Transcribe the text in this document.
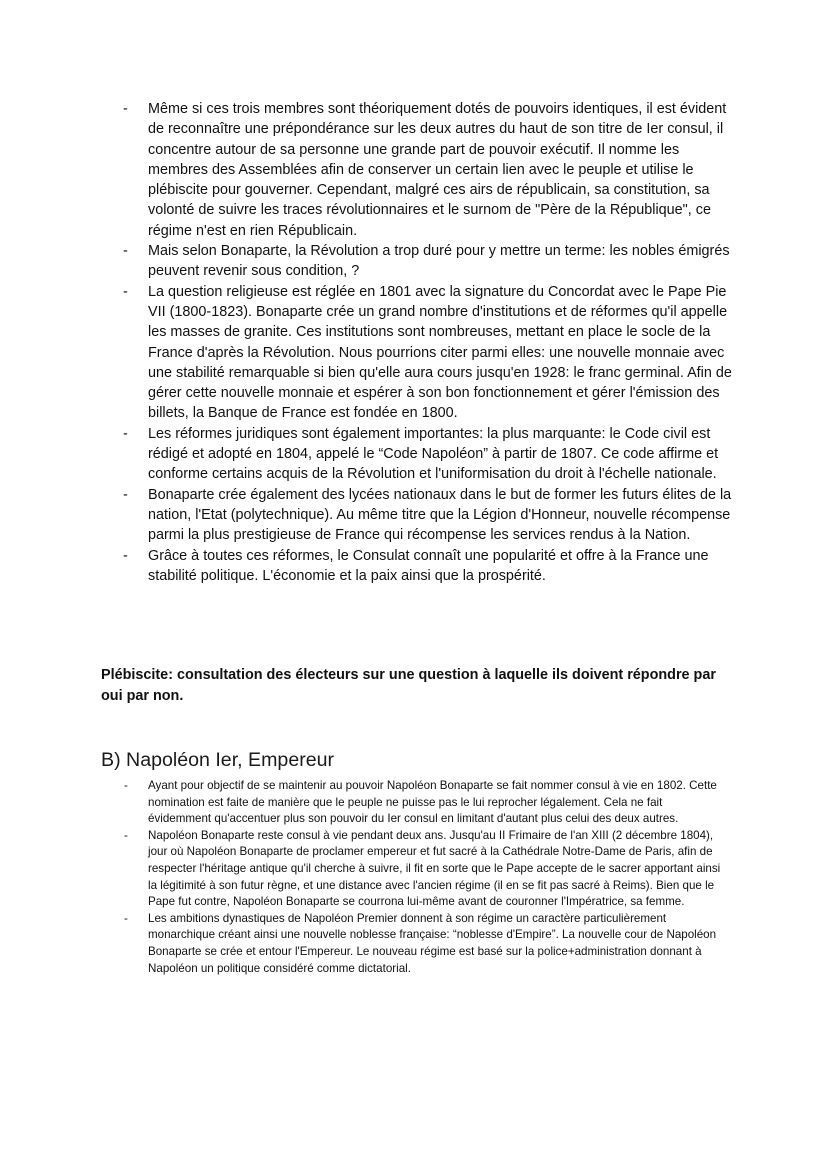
- Même si ces trois membres sont théoriquement dotés de pouvoirs identiques, il est évident de reconnaître une prépondérance sur les deux autres du haut de son titre de Ier consul, il concentre autour de sa personne une grande part de pouvoir exécutif. Il nomme les membres des Assemblées afin de conserver un certain lien avec le peuple et utilise le plébiscite pour gouverner. Cependant, malgré ces airs de républicain, sa constitution, sa volonté de suivre les traces révolutionnaires et le surnom de "Père de la République", ce régime n'est en rien Républicain.
- Mais selon Bonaparte, la Révolution a trop duré pour y mettre un terme: les nobles émigrés peuvent revenir sous condition, ?
- La question religieuse est réglée en 1801 avec la signature du Concordat avec le Pape Pie VII (1800-1823). Bonaparte crée un grand nombre d'institutions et de réformes qu'il appelle les masses de granite. Ces institutions sont nombreuses, mettant en place le socle de la France d'après la Révolution. Nous pourrions citer parmi elles: une nouvelle monnaie avec une stabilité remarquable si bien qu'elle aura cours jusqu'en 1928: le franc germinal. Afin de gérer cette nouvelle monnaie et espérer à son bon fonctionnement et gérer l'émission des billets, la Banque de France est fondée en 1800.
- Les réformes juridiques sont également importantes: la plus marquante: le Code civil est rédigé et adopté en 1804, appelé le “Code Napoléon” à partir de 1807. Ce code affirme et conforme certains acquis de la Révolution et l'uniformisation du droit à l'échelle nationale.
- Bonaparte crée également des lycées nationaux dans le but de former les futurs élites de la nation, l'Etat (polytechnique). Au même titre que la Légion d'Honneur, nouvelle récompense parmi la plus prestigieuse de France qui récompense les services rendus à la Nation.
- Grâce à toutes ces réformes, le Consulat connaît une popularité et offre à la France une stabilité politique. L'économie et la paix ainsi que la prospérité.

Plébiscite: consultation des électeurs sur une question à laquelle ils doivent répondre par oui par non.

B) Napoléon Ier, Empereur
- Ayant pour objectif de se maintenir au pouvoir Napoléon Bonaparte se fait nommer consul à vie en 1802. Cette nomination est faite de manière que le peuple ne puisse pas le lui reprocher légalement. Cela ne fait évidemment qu'accentuer plus son pouvoir du Ier consul en limitant d'autant plus celui des deux autres.
- Napoléon Bonaparte reste consul à vie pendant deux ans. Jusqu'au II Frimaire de l'an XIII (2 décembre 1804), jour où Napoléon Bonaparte de proclamer empereur et fut sacré à la Cathédrale Notre-Dame de Paris, afin de respecter l'héritage antique qu'il cherche à suivre, il fit en sorte que le Pape accepte de le sacrer apportant ainsi la légitimité à son futur règne, et une distance avec l'ancien régime (il en se fit pas sacré à Reims). Bien que le Pape fut contre, Napoléon Bonaparte se courrona lui-même avant de couronner l'Impératrice, sa femme.
- Les ambitions dynastiques de Napoléon Premier donnent à son régime un caractère particulièrement monarchique créant ainsi une nouvelle noblesse française: “noblesse d'Empire”. La nouvelle cour de Napoléon Bonaparte se crée et entour l'Empereur. Le nouveau régime est basé sur la police+administration donnant à Napoléon un politique considéré comme dictatorial.
